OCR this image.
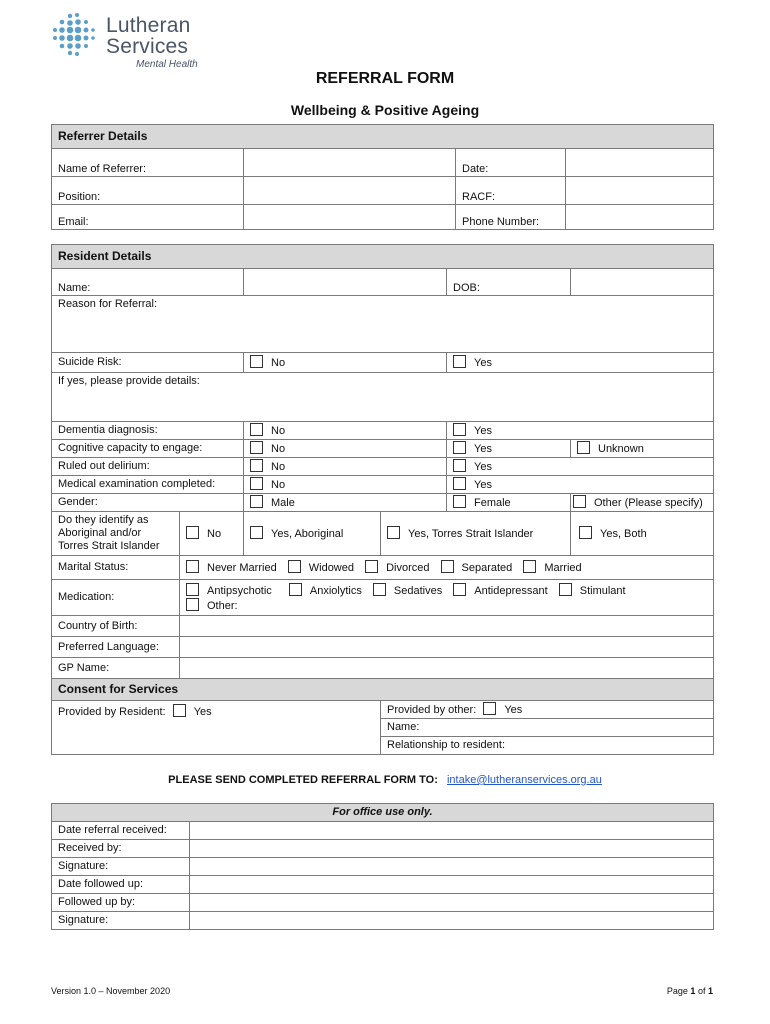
Lutheran
Services
Mental Health
REFERRAL FORM
Wellbeing & Positive Ageing
Referrer Details			
Name of Referrer:		Date:	
Position:		RACF:	
Email:		Phone Number:	
Resident Details					
Name:				DOB:	
Reason for Referral:					
Suicide Risk:		No		Yes	
If yes, please provide details:					
Dementia diagnosis:		No		Yes	
Cognitive capacity to engage:		No		Yes	Unknown
Ruled out delirium:		No		Yes	
Medical examination completed:		No		Yes	
Gender:		Male		Female	Other (Please specify)
Do they identify as Aboriginal and/or Torres Strait Islander	No	Yes, Aboriginal	Yes, Torres Strait Islander		Yes, Both
Marital Status:	Never Married Widowed Divorced Separated Married				
Medication:	Antipsychotic Anxiolytics Sedatives Antidepressant Stimulant
Other:				
Country of Birth:					
Preferred Language:					
GP Name:					
Consent for Services					
Provided by Resident: Yes			Provided by other: Yes		
			Name:		
			Relationship to resident:		
PLEASE SEND COMPLETED REFERRAL FORM TO: intake@lutheranservices.org.au
For office use only.	
Date referral received:	
Received by:	
Signature:	
Date followed up:	
Followed up by:	
Signature:	
Version 1.0 – November 2020	Page 1 of 1
